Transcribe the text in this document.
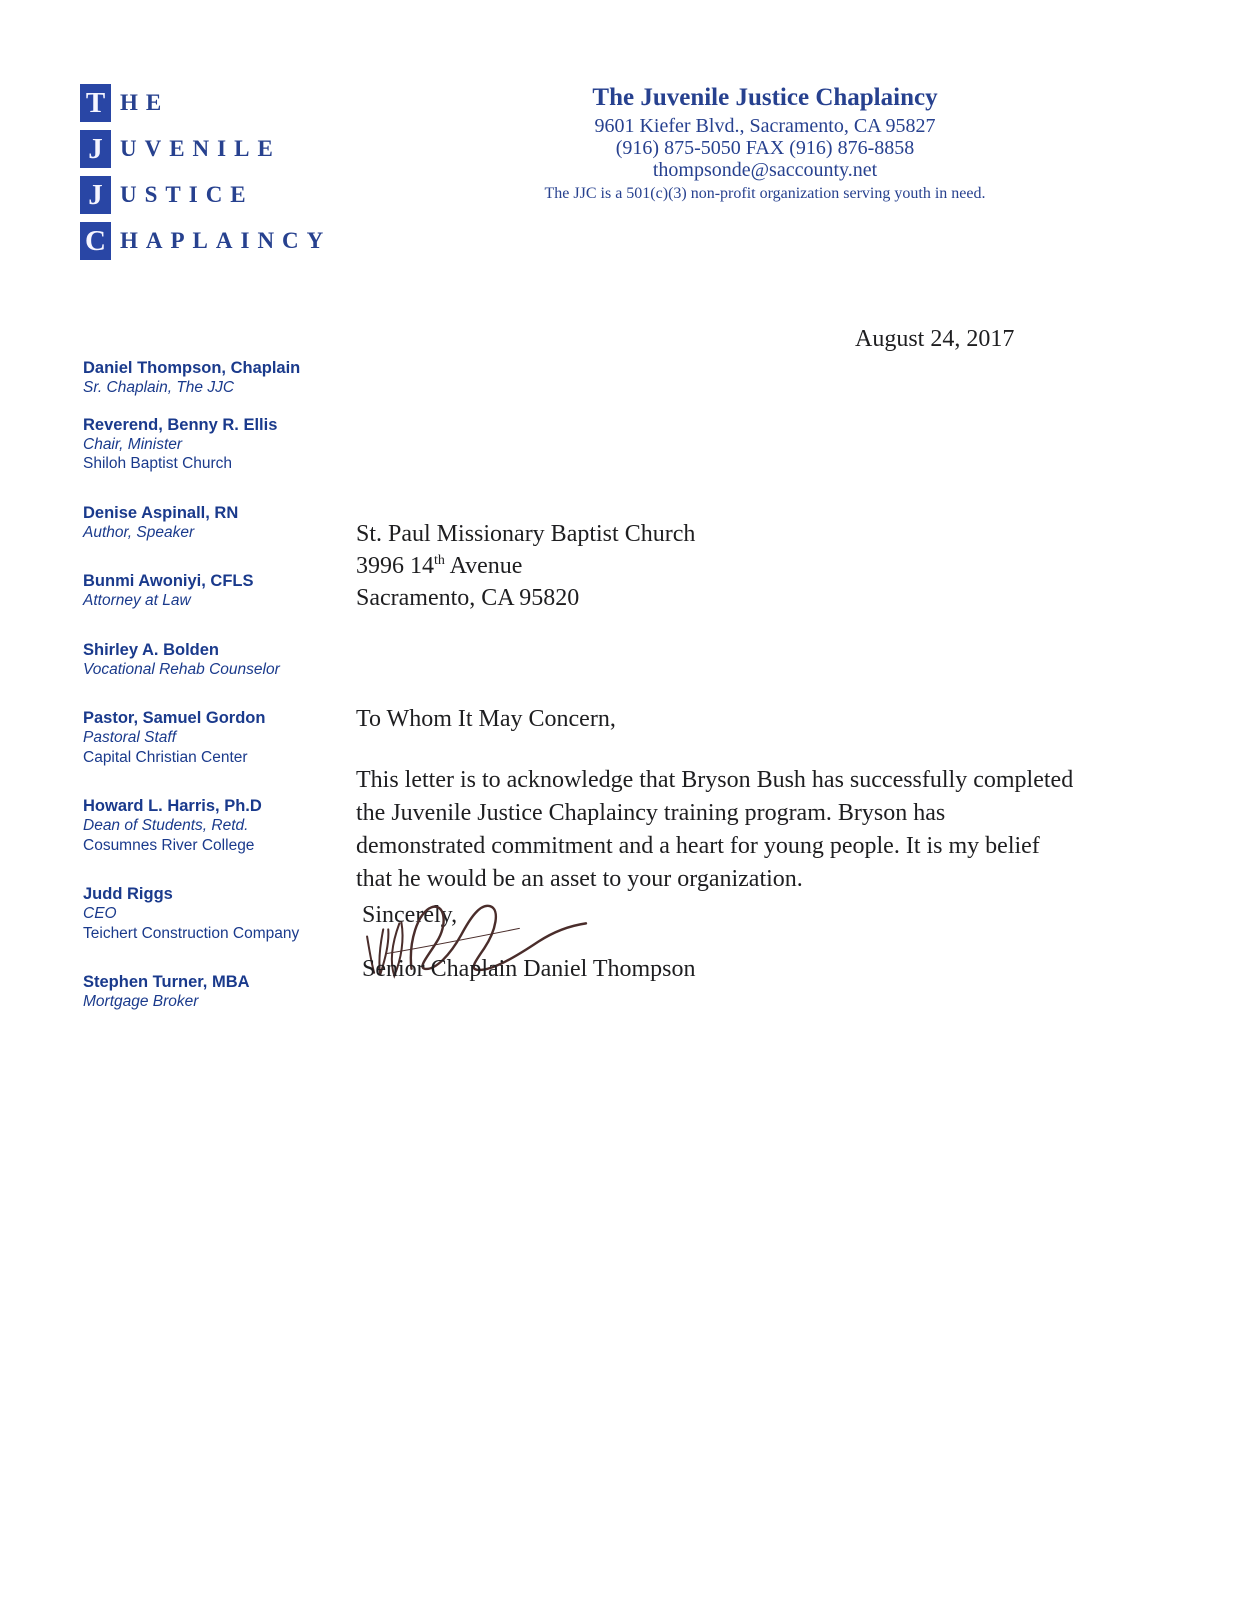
T HE
J UVENILE
J USTICE
C HAPLAINCY
The Juvenile Justice Chaplaincy
9601 Kiefer Blvd., Sacramento, CA 95827
(916) 875-5050 FAX (916) 876-8858
thompsonde@saccounty.net
The JJC is a 501(c)(3) non-profit organization serving youth in need.
August 24, 2017
Daniel Thompson, Chaplain
Sr. Chaplain, The JJC
Reverend, Benny R. Ellis
Chair, Minister
Shiloh Baptist Church
Denise Aspinall, RN
Author, Speaker
Bunmi Awoniyi, CFLS
Attorney at Law
Shirley A. Bolden
Vocational Rehab Counselor
Pastor, Samuel Gordon
Pastoral Staff
Capital Christian Center
Howard L. Harris, Ph.D
Dean of Students, Retd.
Cosumnes River College
Judd Riggs
CEO
Teichert Construction Company
Stephen Turner, MBA
Mortgage Broker
St. Paul Missionary Baptist Church
3996 14th Avenue
Sacramento, CA 95820
To Whom It May Concern,
This letter is to acknowledge that Bryson Bush has successfully completed
the Juvenile Justice Chaplaincy training program. Bryson has
demonstrated commitment and a heart for young people. It is my belief
that he would be an asset to your organization.
Sincerely,
Senior Chaplain Daniel Thompson
